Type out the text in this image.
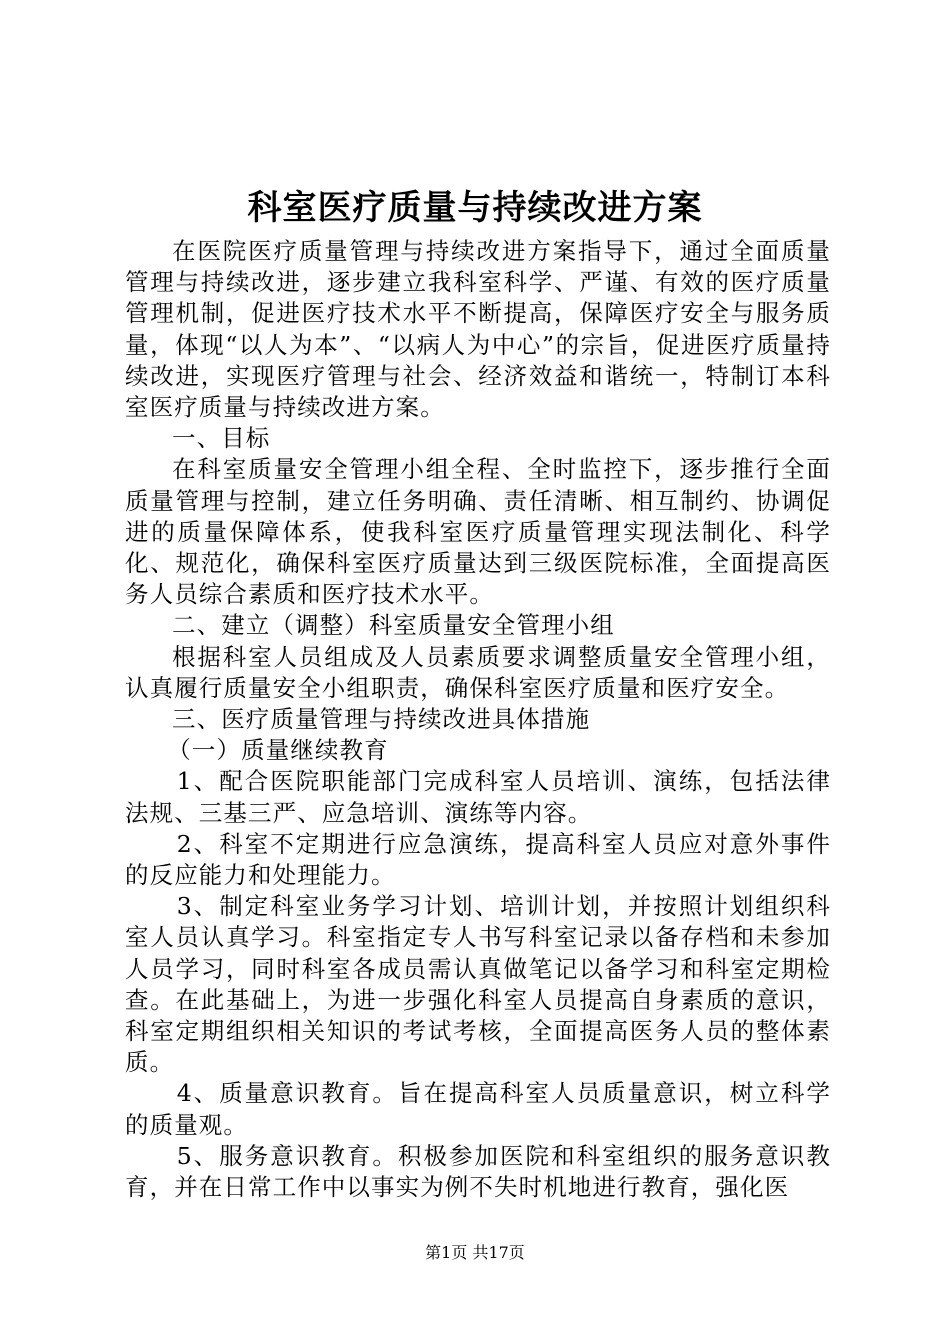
科室医疗质量与持续改进方案

在医院医疗质量管理与持续改进方案指导下，通过全面质量管理与持续改进，逐步建立我科室科学、严谨、有效的医疗质量管理机制，促进医疗技术水平不断提高，保障医疗安全与服务质量，体现“以人为本”、“以病人为中心”的宗旨，促进医疗质量持续改进，实现医疗管理与社会、经济效益和谐统一，特制订本科室医疗质量与持续改进方案。

一、目标

在科室质量安全管理小组全程、全时监控下，逐步推行全面质量管理与控制，建立任务明确、责任清晰、相互制约、协调促进的质量保障体系，使我科室医疗质量管理实现法制化、科学化、规范化，确保科室医疗质量达到三级医院标准，全面提高医务人员综合素质和医疗技术水平。

二、建立（调整）科室质量安全管理小组

根据科室人员组成及人员素质要求调整质量安全管理小组，认真履行质量安全小组职责，确保科室医疗质量和医疗安全。

三、医疗质量管理与持续改进具体措施

（一）质量继续教育

1、配合医院职能部门完成科室人员培训、演练，包括法律法规、三基三严、应急培训、演练等内容。

2、科室不定期进行应急演练，提高科室人员应对意外事件的反应能力和处理能力。

3、制定科室业务学习计划、培训计划，并按照计划组织科室人员认真学习。科室指定专人书写科室记录以备存档和未参加人员学习，同时科室各成员需认真做笔记以备学习和科室定期检查。在此基础上，为进一步强化科室人员提高自身素质的意识，科室定期组织相关知识的考试考核，全面提高医务人员的整体素质。

4、质量意识教育。旨在提高科室人员质量意识，树立科学的质量观。

5、服务意识教育。积极参加医院和科室组织的服务意识教育，并在日常工作中以事实为例不失时机地进行教育，强化医

第1页 共17页
